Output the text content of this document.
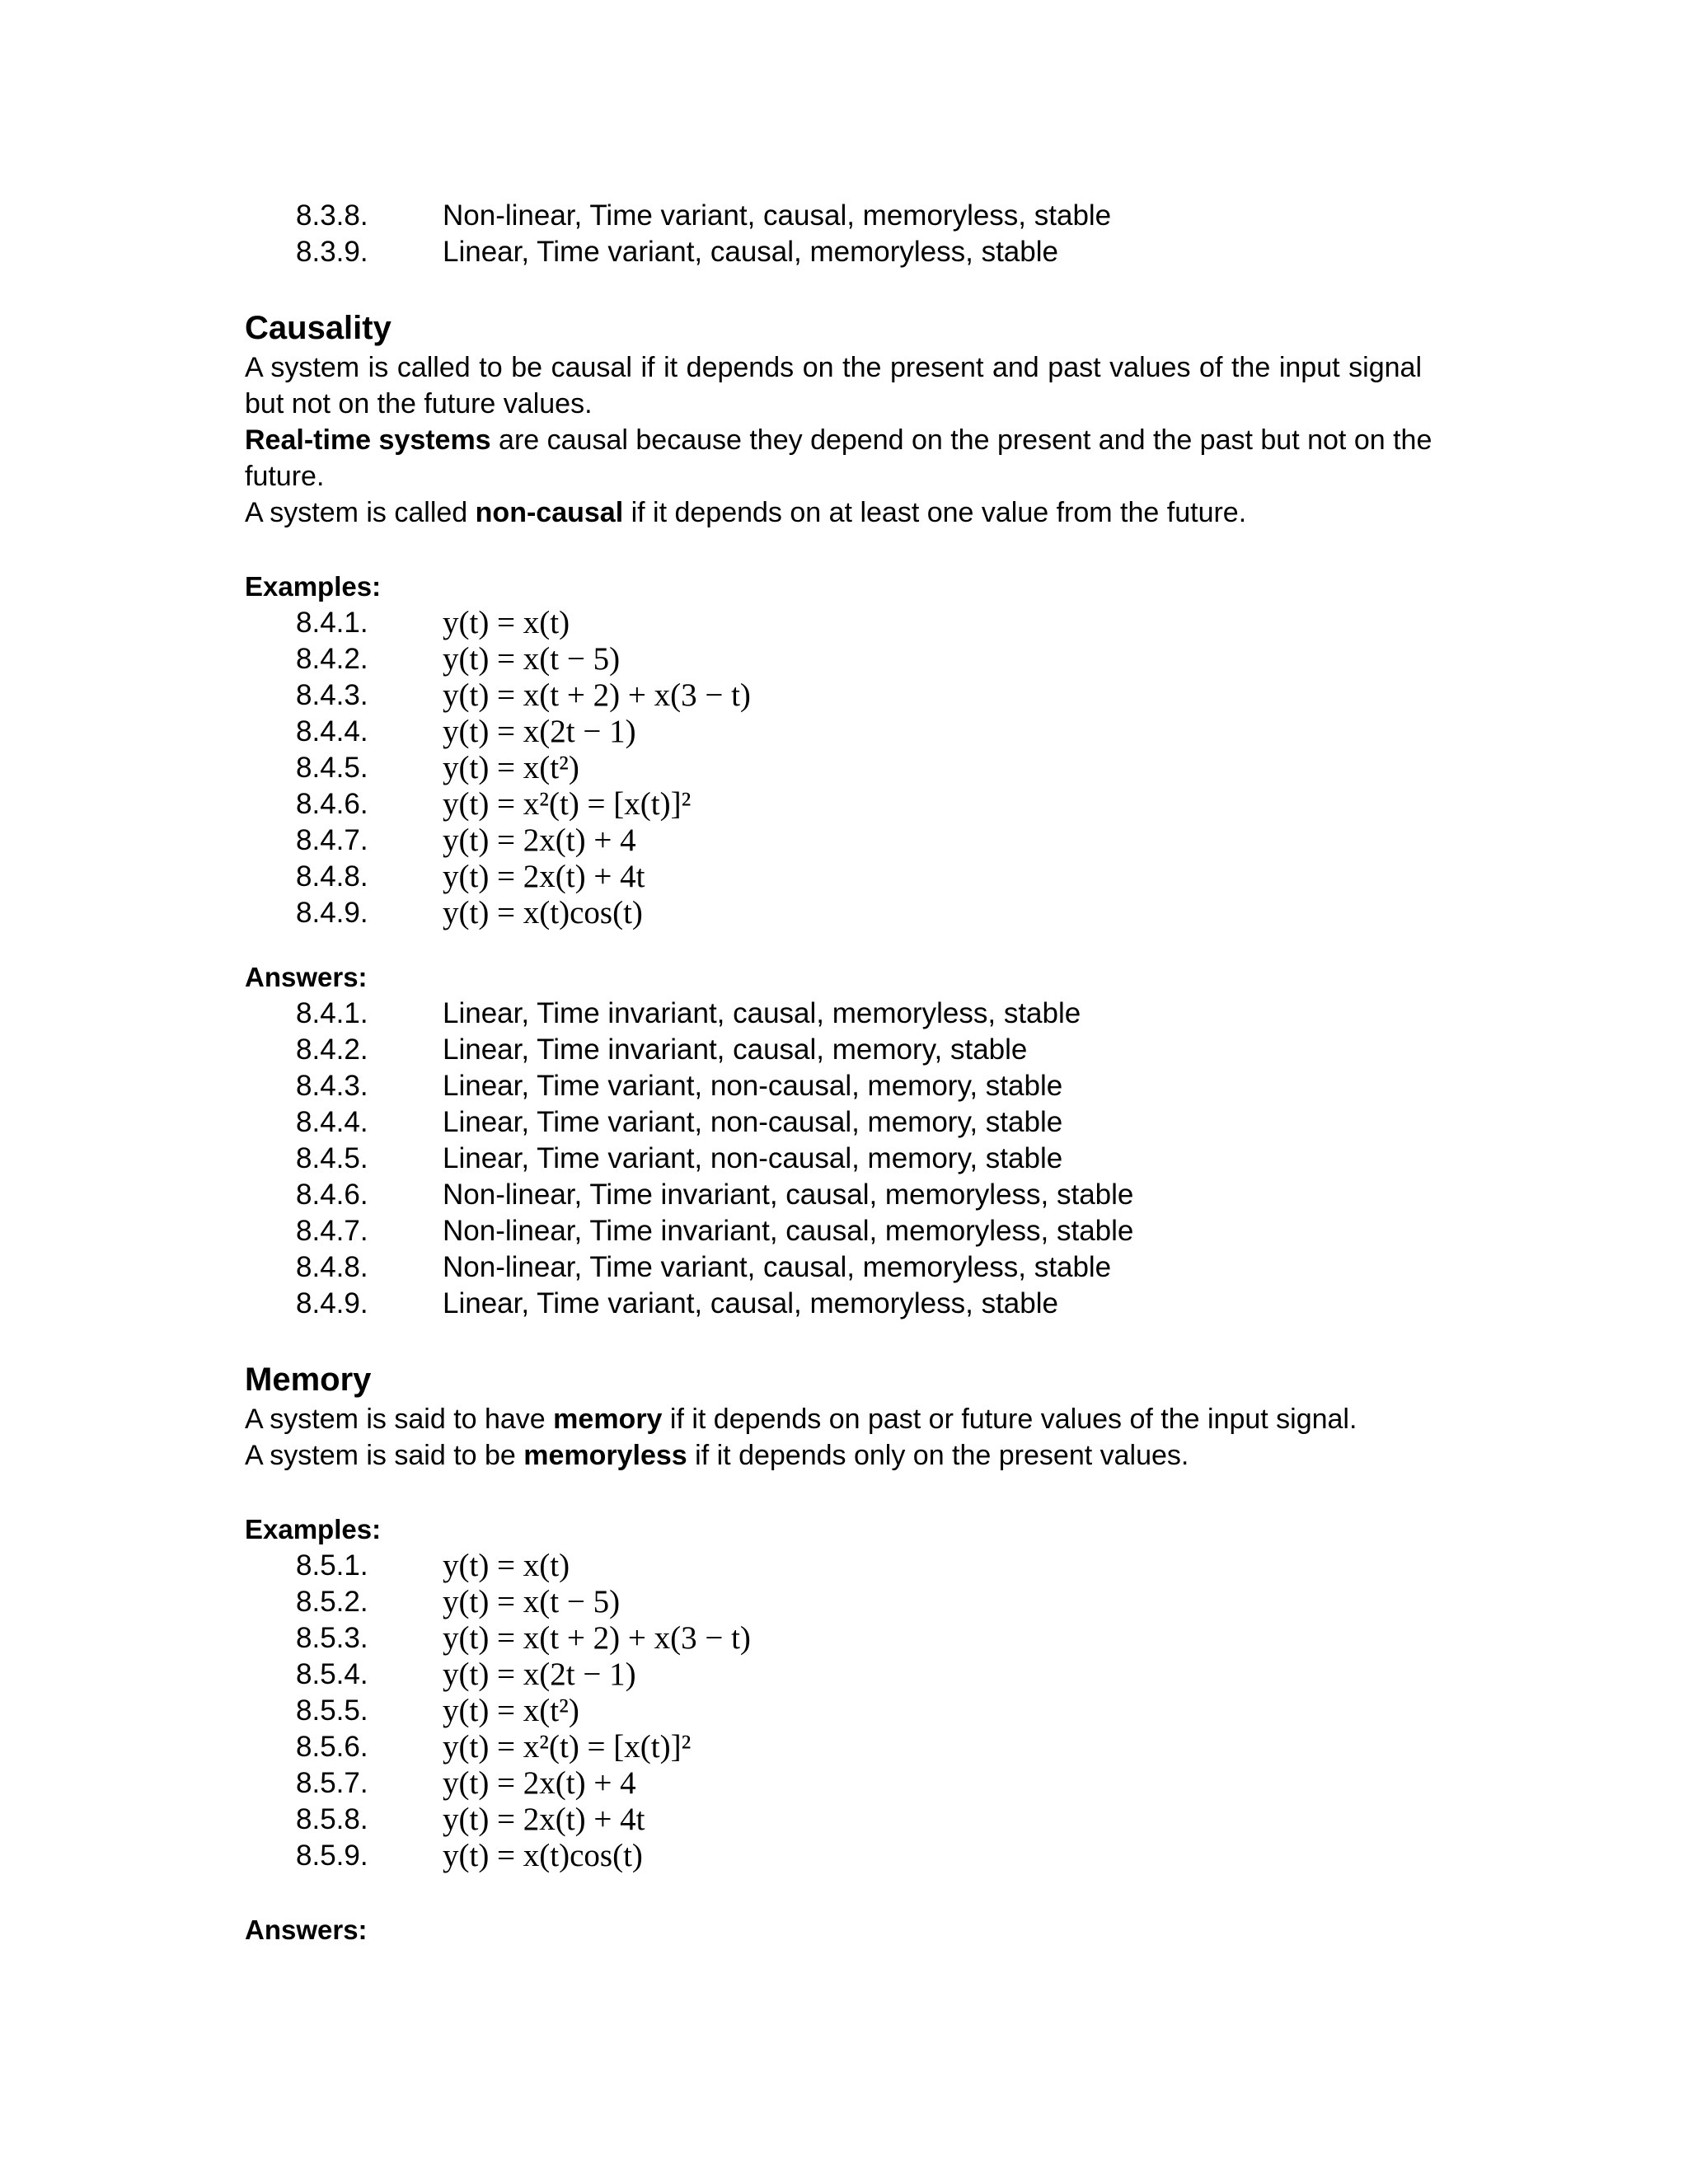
8.3.8.	Non-linear, Time variant, causal, memoryless, stable
8.3.9.	Linear, Time variant, causal, memoryless, stable
Causality
A system is called to be causal if it depends on the present and past values of the input signal
but not on the future values.
Real-time systems are causal because they depend on the present and the past but not on the
future.
A system is called non-causal if it depends on at least one value from the future.
Examples:
8.4.1. y(t) = x(t)
8.4.2. y(t) = x(t − 5)
8.4.3. y(t) = x(t + 2) + x(3 − t)
8.4.4. y(t) = x(2t − 1)
8.4.5. y(t) = x(t²)
8.4.6. y(t) = x²(t) = [x(t)]²
8.4.7. y(t) = 2x(t) + 4
8.4.8. y(t) = 2x(t) + 4t
8.4.9. y(t) = x(t)cos(t)
Answers:
8.4.1.	Linear, Time invariant, causal, memoryless, stable
8.4.2.	Linear, Time invariant, causal, memory, stable
8.4.3.	Linear, Time variant, non-causal, memory, stable
8.4.4.	Linear, Time variant, non-causal, memory, stable
8.4.5.	Linear, Time variant, non-causal, memory, stable
8.4.6.	Non-linear, Time invariant, causal, memoryless, stable
8.4.7.	Non-linear, Time invariant, causal, memoryless, stable
8.4.8.	Non-linear, Time variant, causal, memoryless, stable
8.4.9.	Linear, Time variant, causal, memoryless, stable
Memory
A system is said to have memory if it depends on past or future values of the input signal.
A system is said to be memoryless if it depends only on the present values.
Examples:
8.5.1. y(t) = x(t)
8.5.2. y(t) = x(t − 5)
8.5.3. y(t) = x(t + 2) + x(3 − t)
8.5.4. y(t) = x(2t − 1)
8.5.5. y(t) = x(t²)
8.5.6. y(t) = x²(t) = [x(t)]²
8.5.7. y(t) = 2x(t) + 4
8.5.8. y(t) = 2x(t) + 4t
8.5.9. y(t) = x(t)cos(t)
Answers:
